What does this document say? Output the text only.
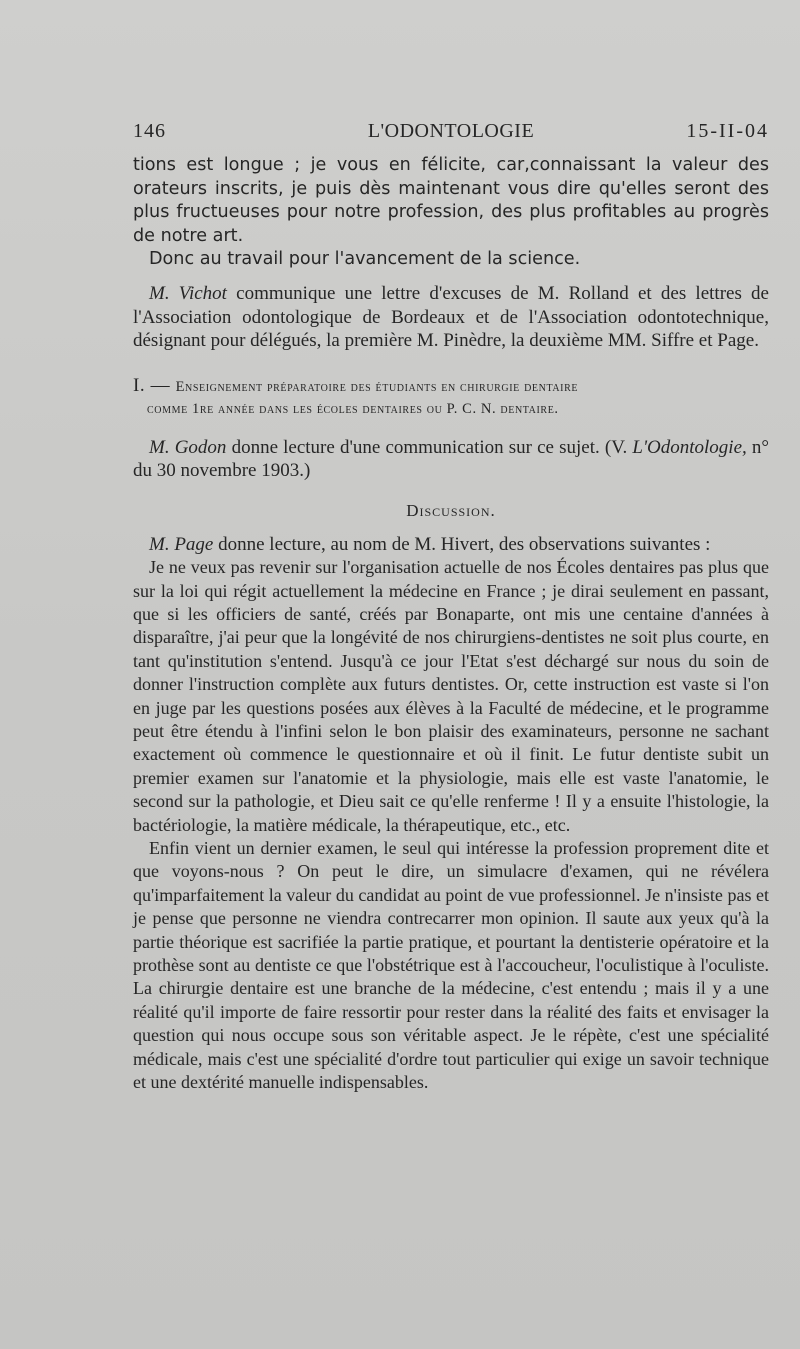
146	L'ODONTOLOGIE	15-II-04

tions est longue ; je vous en félicite, car,connaissant la valeur des orateurs inscrits, je puis dès maintenant vous dire qu'elles seront des plus fructueuses pour notre profession, des plus profitables au progrès de notre art.

Donc au travail pour l'avancement de la science.

M. Vichot communique une lettre d'excuses de M. Rolland et des lettres de l'Association odontologique de Bordeaux et de l'Association odontotechnique, désignant pour délégués, la première M. Pinèdre, la deuxième MM. Siffre et Page.

I. — Enseignement préparatoire des étudiants en chirurgie dentaire
comme 1re année dans les écoles dentaires ou P. C. N. dentaire.

M. Godon donne lecture d'une communication sur ce sujet. (V. L'Odontologie, n° du 30 novembre 1903.)

Discussion.

M. Page donne lecture, au nom de M. Hivert, des observations suivantes :

Je ne veux pas revenir sur l'organisation actuelle de nos Écoles dentaires pas plus que sur la loi qui régit actuellement la médecine en France ; je dirai seulement en passant, que si les officiers de santé, créés par Bonaparte, ont mis une centaine d'années à disparaître, j'ai peur que la longévité de nos chirurgiens-dentistes ne soit plus courte, en tant qu'institution s'entend. Jusqu'à ce jour l'Etat s'est déchargé sur nous du soin de donner l'instruction complète aux futurs dentistes. Or, cette instruction est vaste si l'on en juge par les questions posées aux élèves à la Faculté de médecine, et le programme peut être étendu à l'infini selon le bon plaisir des examinateurs, personne ne sachant exactement où commence le questionnaire et où il finit. Le futur dentiste subit un premier examen sur l'anatomie et la physiologie, mais elle est vaste l'anatomie, le second sur la pathologie, et Dieu sait ce qu'elle renferme ! Il y a ensuite l'histologie, la bactériologie, la matière médicale, la thérapeutique, etc., etc.

Enfin vient un dernier examen, le seul qui intéresse la profession proprement dite et que voyons-nous ? On peut le dire, un simulacre d'examen, qui ne révélera qu'imparfaitement la valeur du candidat au point de vue professionnel. Je n'insiste pas et je pense que personne ne viendra contrecarrer mon opinion. Il saute aux yeux qu'à la partie théorique est sacrifiée la partie pratique, et pourtant la dentisterie opératoire et la prothèse sont au dentiste ce que l'obstétrique est à l'accoucheur, l'oculistique à l'oculiste. La chirurgie dentaire est une branche de la médecine, c'est entendu ; mais il y a une réalité qu'il importe de faire ressortir pour rester dans la réalité des faits et envisager la question qui nous occupe sous son véritable aspect. Je le répète, c'est une spécialité médicale, mais c'est une spécialité d'ordre tout particulier qui exige un savoir technique et une dextérité manuelle indispensables.
